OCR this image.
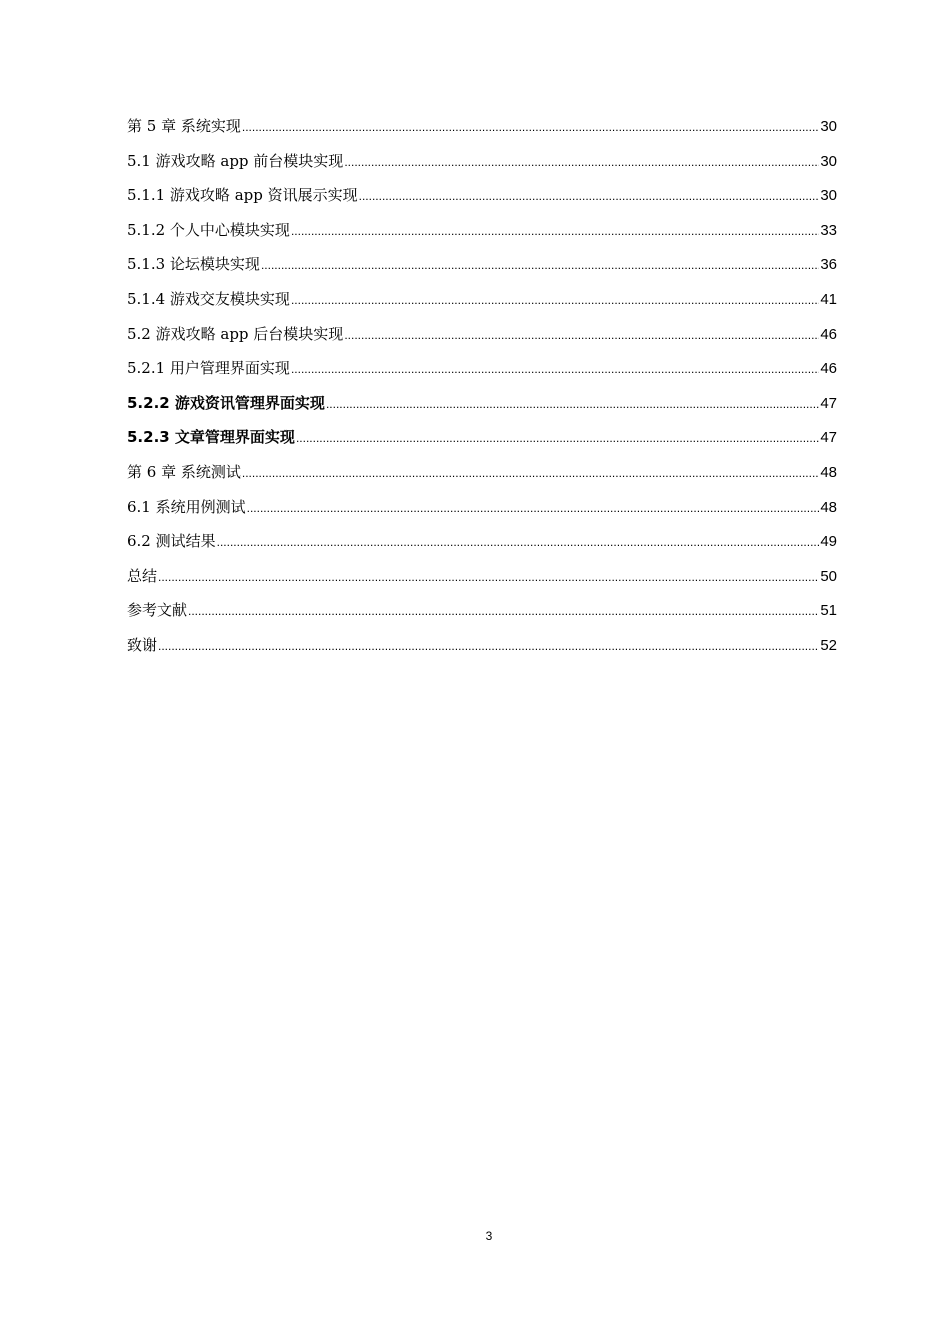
第 5 章 系统实现 .....	30
5.1 游戏攻略 app 前台模块实现 .....	30
5.1.1 游戏攻略 app 资讯展示实现 .....	30
5.1.2 个人中心模块实现 .....	33
5.1.3 论坛模块实现 .....	36
5.1.4 游戏交友模块实现 .....	41
5.2 游戏攻略 app 后台模块实现 .....	46
5.2.1 用户管理界面实现 .....	46
5.2.2 游戏资讯管理界面实现 .....	47
5.2.3 文章管理界面实现 .....	47
第 6 章 系统测试 .....	48
6.1 系统用例测试 .....	48
6.2 测试结果 .....	49
总结 .....	50
参考文献 .....	51
致谢 .....	52
3
